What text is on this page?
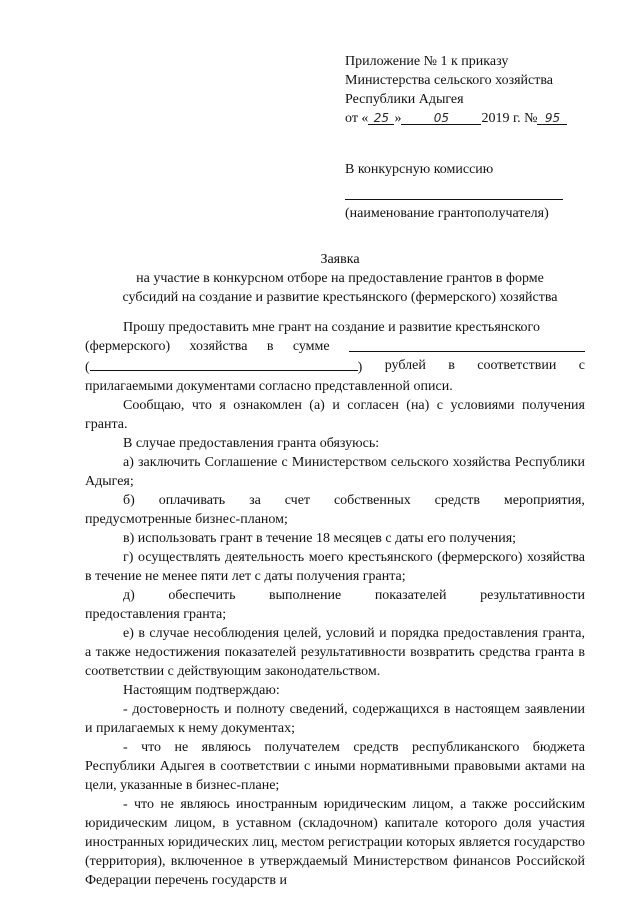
Приложение № 1 к приказу
Министерства сельского хозяйства
Республики Адыгея
от « 25 »	05 2019 г. № 95
В конкурсную комиссию
(наименование грантополучателя)
Заявка
на участие в конкурсном отборе на предоставление грантов в форме
субсидий на создание и развитие крестьянского (фермерского) хозяйства

Прошу предоставить мне грант на создание и развитие крестьянского

(фермерского) хозяйства в сумме
(	) рублей в соответствии с

прилагаемыми документами согласно представленной описи.

Сообщаю, что я ознакомлен (а) и согласен (на) с условиями получения гранта.

В случае предоставления гранта обязуюсь:

а) заключить Соглашение с Министерством сельского хозяйства Республики Адыгея;

б) оплачивать за счет собственных средств мероприятия,

предусмотренные бизнес-планом;

в) использовать грант в течение 18 месяцев с даты его получения;

г) осуществлять деятельность моего крестьянского (фермерского) хозяйства в течение не менее пяти лет с даты получения гранта;

д) обеспечить выполнение показателей результативности

предоставления гранта;

е) в случае несоблюдения целей, условий и порядка предоставления гранта, а также недостижения показателей результативности возвратить средства гранта в соответствии с действующим законодательством.

Настоящим подтверждаю:

- достоверность и полноту сведений, содержащихся в настоящем заявлении и прилагаемых к нему документах;

- что не являюсь получателем средств республиканского бюджета Республики Адыгея в соответствии с иными нормативными правовыми актами на цели, указанные в бизнес-плане;

- что не являюсь иностранным юридическим лицом, а также российским юридическим лицом, в уставном (складочном) капитале которого доля участия иностранных юридических лиц, местом регистрации которых является государство (территория), включенное в утверждаемый Министерством финансов Российской Федерации перечень государств и
